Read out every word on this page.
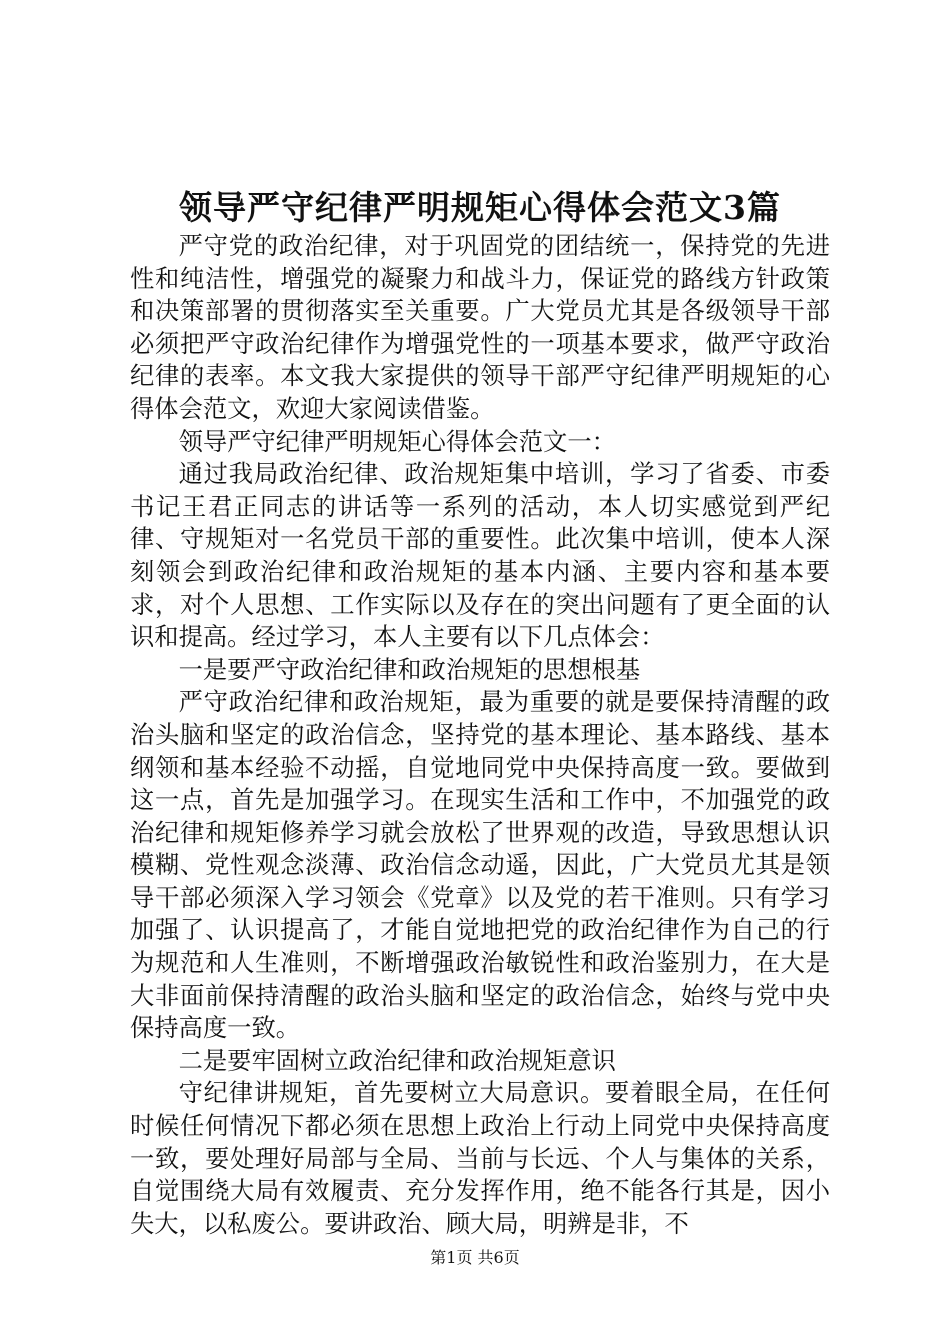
领导严守纪律严明规矩心得体会范文3篇

严守党的政治纪律，对于巩固党的团结统一，保持党的先进性和纯洁性，增强党的凝聚力和战斗力，保证党的路线方针政策和决策部署的贯彻落实至关重要。广大党员尤其是各级领导干部必须把严守政治纪律作为增强党性的一项基本要求，做严守政治纪律的表率。本文我大家提供的领导干部严守纪律严明规矩的心得体会范文，欢迎大家阅读借鉴。

领导严守纪律严明规矩心得体会范文一：

通过我局政治纪律、政治规矩集中培训，学习了省委、市委书记王君正同志的讲话等一系列的活动，本人切实感觉到严纪律、守规矩对一名党员干部的重要性。此次集中培训，使本人深刻领会到政治纪律和政治规矩的基本内涵、主要内容和基本要求，对个人思想、工作实际以及存在的突出问题有了更全面的认识和提高。经过学习，本人主要有以下几点体会：

一是要严守政治纪律和政治规矩的思想根基

严守政治纪律和政治规矩，最为重要的就是要保持清醒的政治头脑和坚定的政治信念，坚持党的基本理论、基本路线、基本纲领和基本经验不动摇，自觉地同党中央保持高度一致。要做到这一点，首先是加强学习。在现实生活和工作中，不加强党的政治纪律和规矩修养学习就会放松了世界观的改造，导致思想认识模糊、党性观念淡薄、政治信念动遥，因此，广大党员尤其是领导干部必须深入学习领会《党章》以及党的若干准则。只有学习加强了、认识提高了，才能自觉地把党的政治纪律作为自己的行为规范和人生准则，不断增强政治敏锐性和政治鉴别力，在大是大非面前保持清醒的政治头脑和坚定的政治信念，始终与党中央保持高度一致。

二是要牢固树立政治纪律和政治规矩意识

守纪律讲规矩，首先要树立大局意识。要着眼全局，在任何时候任何情况下都必须在思想上政治上行动上同党中央保持高度一致，要处理好局部与全局、当前与长远、个人与集体的关系，自觉围绕大局有效履责、充分发挥作用，绝不能各行其是，因小失大，以私废公。要讲政治、顾大局，明辨是非，不

第1页 共6页
